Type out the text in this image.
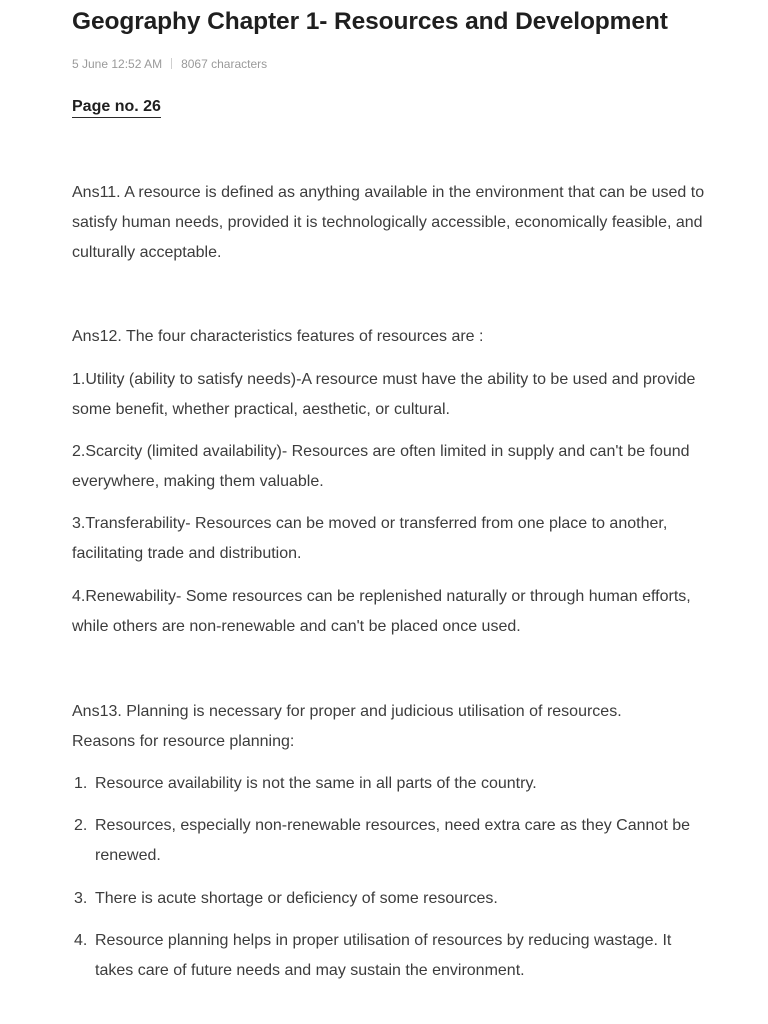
Geography Chapter 1- Resources and Development
5 June 12:52 AM 8067 characters
Page no. 26

Ans11. A resource is defined as anything available in the environment that can be used to satisfy human needs, provided it is technologically accessible, economically feasible, and culturally acceptable.

Ans12. The four characteristics features of resources are :

1.Utility (ability to satisfy needs)-A resource must have the ability to be used and provide some benefit, whether practical, aesthetic, or cultural.

2.Scarcity (limited availability)- Resources are often limited in supply and can't be found everywhere, making them valuable.

3.Transferability- Resources can be moved or transferred from one place to another, facilitating trade and distribution.

4.Renewability- Some resources can be replenished naturally or through human efforts, while others are non-renewable and can't be placed once used.

Ans13. Planning is necessary for proper and judicious utilisation of resources.

Reasons for resource planning:

1. Resource availability is not the same in all parts of the country.
2. Resources, especially non-renewable resources, need extra care as they Cannot be renewed.
3. There is acute shortage or deficiency of some resources.
4. Resource planning helps in proper utilisation of resources by reducing wastage. It takes care of future needs and may sustain the environment.
